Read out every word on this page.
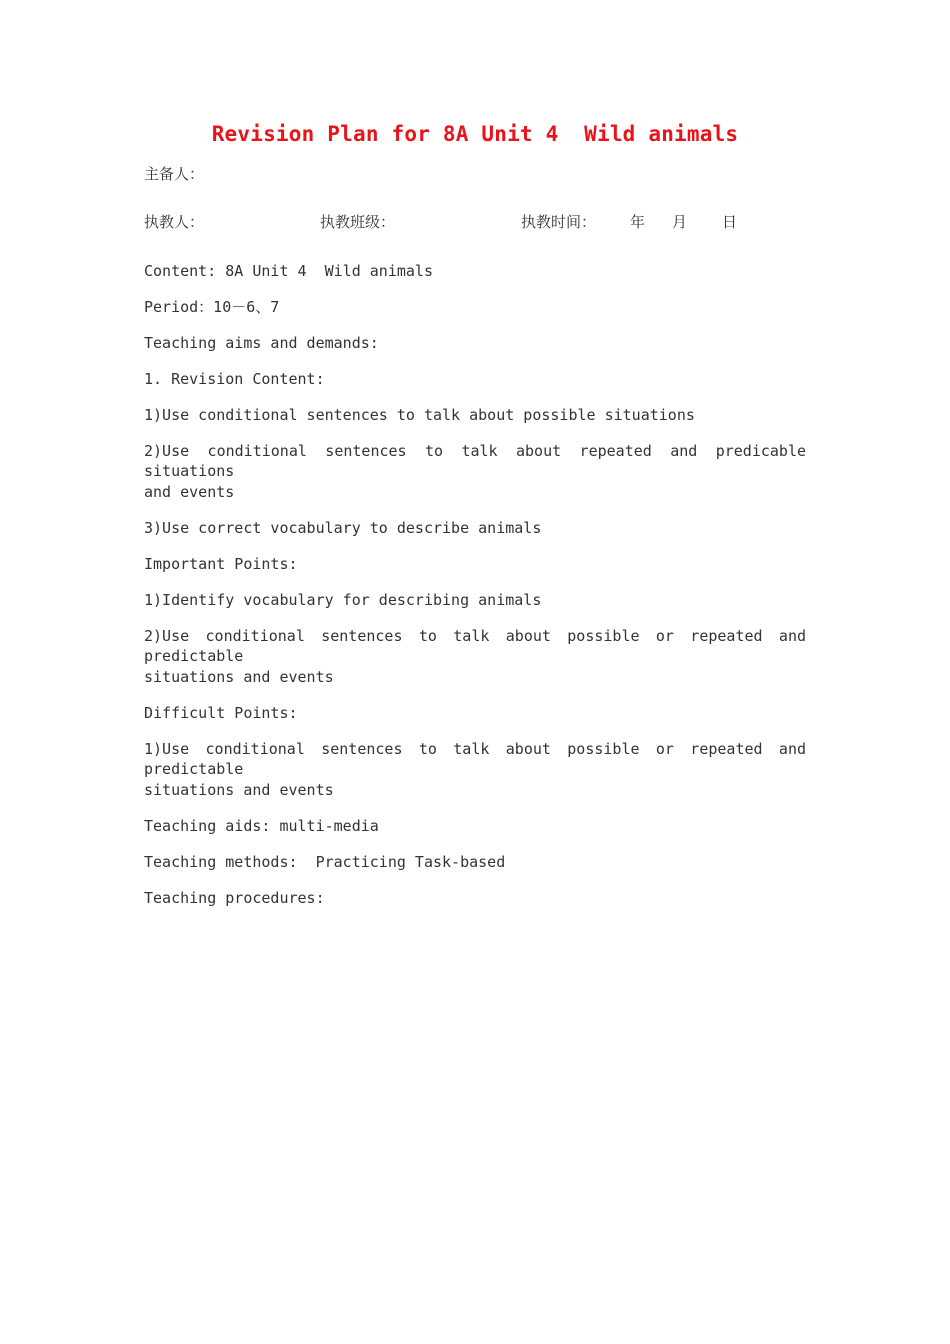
Revision Plan for 8A Unit 4  Wild animals
主备人：
执教人：	执教班级：	执教时间： 年 月 日
Content: 8A Unit 4  Wild animals
Period：10－6、7
Teaching aims and demands:
1. Revision Content:
1)Use conditional sentences to talk about possible situations
2)Use conditional sentences to talk about repeated and predicable situations
and events
3)Use correct vocabulary to describe animals
Important Points:
1)Identify vocabulary for describing animals
2)Use conditional sentences to talk about possible or repeated and predictable
situations and events
Difficult Points:
1)Use conditional sentences to talk about possible or repeated and predictable
situations and events
Teaching aids: multi-media
Teaching methods:  Practicing Task-based
Teaching procedures:
